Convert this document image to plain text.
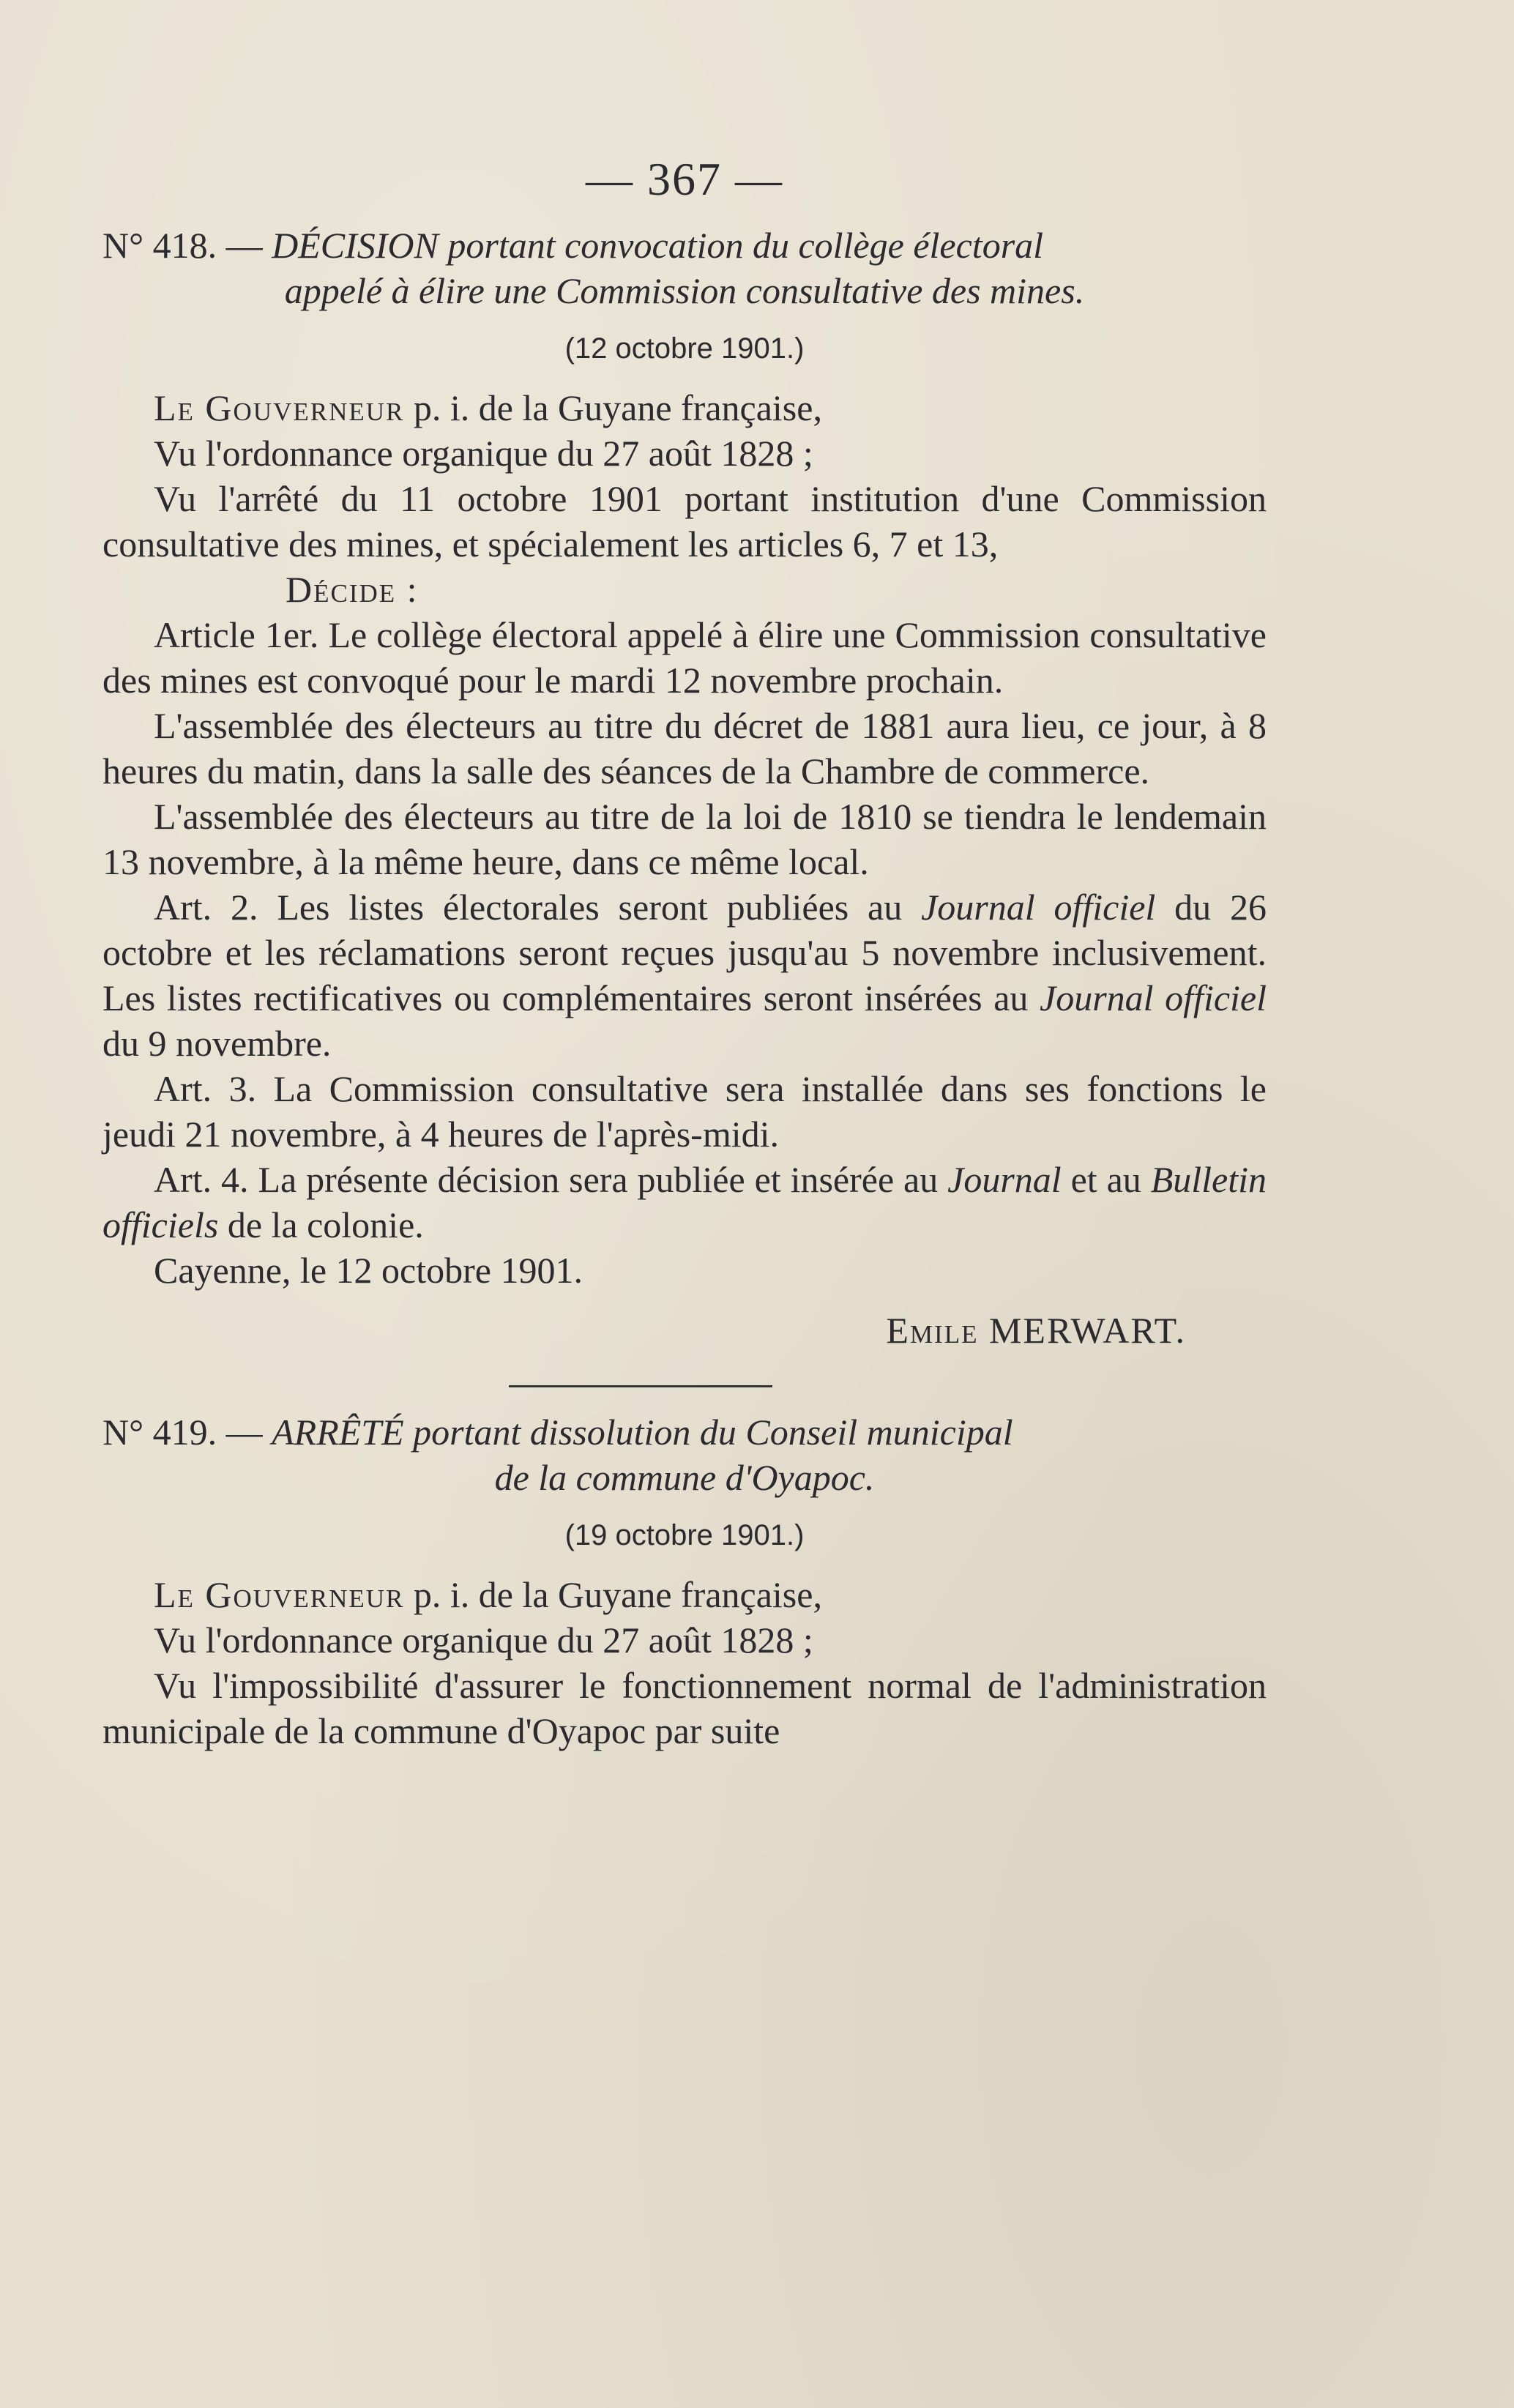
— 367 —

N° 418. — DÉCISION portant convocation du collège électoral
appelé à élire une Commission consultative des mines.

(12 octobre 1901.)

Le Gouverneur p. i. de la Guyane française,

Vu l'ordonnance organique du 27 août 1828 ;

Vu l'arrêté du 11 octobre 1901 portant institution d'une Commission consultative des mines, et spécialement les articles 6, 7 et 13,

Décide :

Article 1er. Le collège électoral appelé à élire une Commission consultative des mines est convoqué pour le mardi 12 novembre prochain.

L'assemblée des électeurs au titre du décret de 1881 aura lieu, ce jour, à 8 heures du matin, dans la salle des séances de la Chambre de commerce.

L'assemblée des électeurs au titre de la loi de 1810 se tiendra le lendemain 13 novembre, à la même heure, dans ce même local.

Art. 2. Les listes électorales seront publiées au Journal officiel du 26 octobre et les réclamations seront reçues jusqu'au 5 novembre inclusivement. Les listes rectificatives ou complémentaires seront insérées au Journal officiel du 9 novembre.

Art. 3. La Commission consultative sera installée dans ses fonctions le jeudi 21 novembre, à 4 heures de l'après-midi.

Art. 4. La présente décision sera publiée et insérée au Journal et au Bulletin officiels de la colonie.

Cayenne, le 12 octobre 1901.

Emile MERWART.

N° 419. — ARRÊTÉ portant dissolution du Conseil municipal
de la commune d'Oyapoc.

(19 octobre 1901.)

Le Gouverneur p. i. de la Guyane française,

Vu l'ordonnance organique du 27 août 1828 ;

Vu l'impossibilité d'assurer le fonctionnement normal de l'administration municipale de la commune d'Oyapoc par suite
